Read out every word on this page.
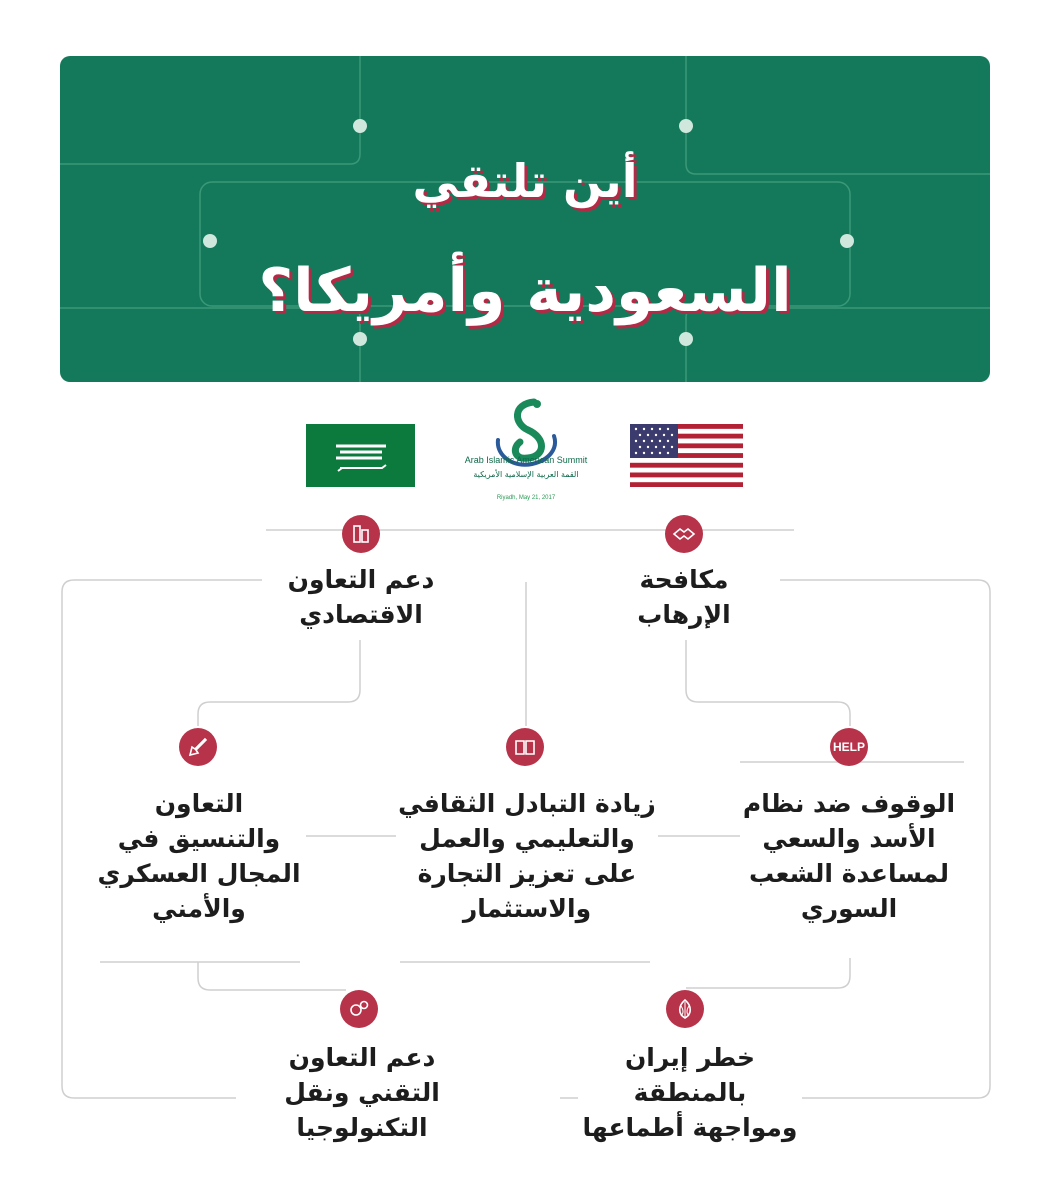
أين تلتقي
السعودية وأمريكا؟
Arab Islamic American Summit
Riyadh, May 21, 2017
HELP
مكافحة
الإرهاب
دعم التعاون
الاقتصادي
الوقوف ضد نظام
الأسد والسعي
لمساعدة الشعب
السوري
زيادة التبادل الثقافي
والتعليمي والعمل
على تعزيز التجارة
والاستثمار
التعاون
والتنسيق في
المجال العسكري
والأمني
خطر إيران
بالمنطقة
ومواجهة أطماعها
دعم التعاون
التقني ونقل
التكنولوجيا
القمة العربية الإسلامية الأمريكية
